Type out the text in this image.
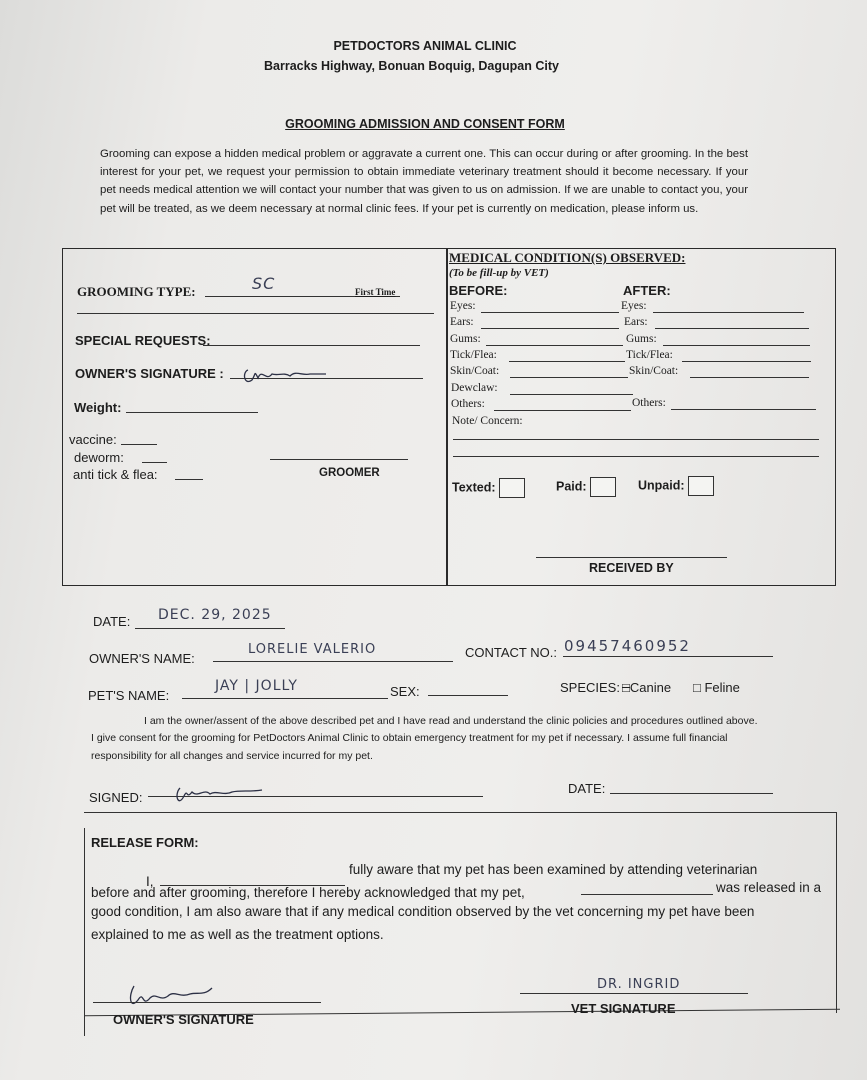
PETDOCTORS ANIMAL CLINIC
Barracks Highway, Bonuan Boquig, Dagupan City
GROOMING ADMISSION AND CONSENT FORM
Grooming can expose a hidden medical problem or aggravate a current one. This can occur during or after grooming. In the best interest for your pet, we request your permission to obtain immediate veterinary treatment should it become necessary. If your pet needs medical attention we will contact your number that was given to us on admission. If we are unable to contact you, your pet will be treated, as we deem necessary at normal clinic fees. If your pet is currently on medication, please inform us.
GROOMING TYPE:	SC	First Time
SPECIAL REQUESTS:
OWNER'S SIGNATURE :
Weight:
vaccine:
deworm:
anti tick & flea:	GROOMER
MEDICAL CONDITION(S) OBSERVED:
(To be fill-up by VET)
BEFORE:	AFTER:
Eyes:	Eyes:
Ears:	Ears:
Gums:	Gums:
Tick/Flea:	Tick/Flea:
Skin/Coat:	Skin/Coat:
Dewclaw:
Others:	Others:
Note/ Concern:
Texted:	Paid:	Unpaid:
RECEIVED BY
DATE: DEC. 29, 2025
OWNER'S NAME:
LORELIE VALERIO	CONTACT NO.: 09457460952
PET'S NAME:
JAY | JOLLY	SEX:	SPECIES: □Canine □ Feline
I am the owner/assent of the above described pet and I have read and understand the clinic policies and procedures outlined above.
I give consent for the grooming for PetDoctors Animal Clinic to obtain emergency treatment for my pet if necessary. I assume full financial
responsibility for all changes and service incurred for my pet.
SIGNED:
DATE:
RELEASE FORM:
I,
fully aware that my pet has been examined by attending veterinarian
before and after grooming, therefore I hereby acknowledged that my pet,	was released in a
good condition, I am also aware that if any medical condition observed by the vet concerning my pet have been
explained to me as well as the treatment options.
OWNER'S SIGNATURE
DR. INGRID
VET SIGNATURE
